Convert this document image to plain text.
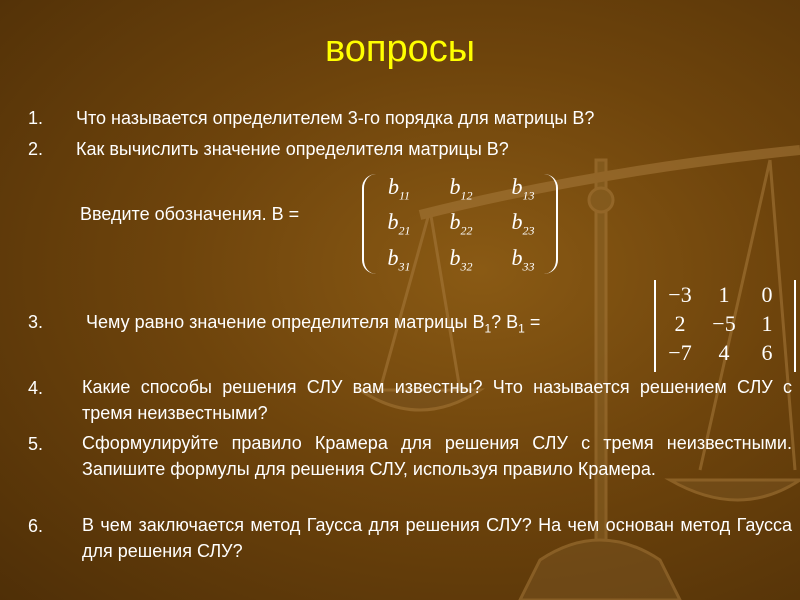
вопросы
1. Что называется определителем 3-го порядка для матрицы В?
2. Как вычислить значение определителя матрицы В?
Введите обозначения. В =
$b_{11}$	$b_{12}$	$b_{13}$
$b_{21}$	$b_{22}$	$b_{23}$
$b_{31}$	$b_{32}$	$b_{33}$
3. Чему равно значение определителя матрицы $В_1$? $В_1$ =
−3	1	0
2	−5	1
−7	4	6
4. Какие способы решения СЛУ вам известны? Что называется решением СЛУ с тремя неизвестными?
5. Сформулируйте правило Крамера для решения СЛУ с тремя неизвестными. Запишите формулы для решения СЛУ, используя правило Крамера.
6. В чем заключается метод Гаусса для решения СЛУ? На чем основан метод Гаусса для решения СЛУ?
